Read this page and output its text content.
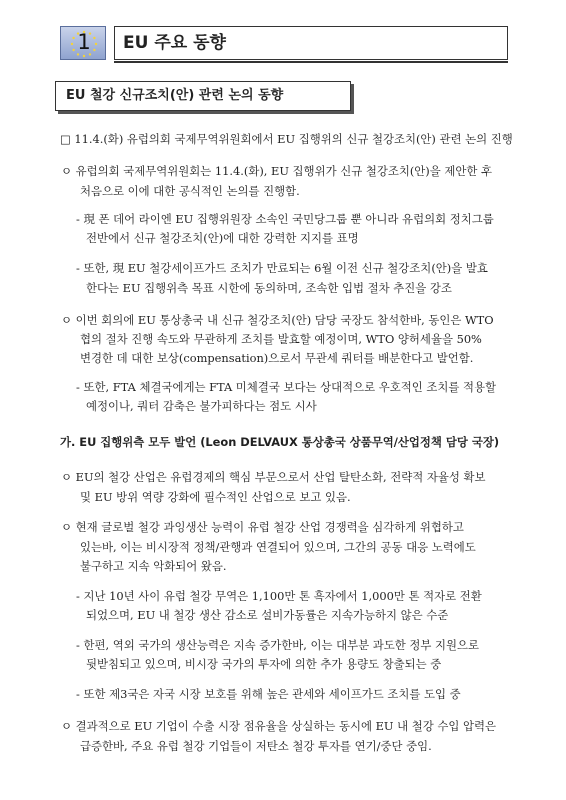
1	EU 주요 동향
EU 철강 신규조치(안) 관련 논의 동향
□ 11.4.(화) 유럽의회 국제무역위원회에서 EU 집행위의 신규 철강조치(안) 관련 논의 진행
ㅇ 유럽의회 국제무역위원회는 11.4.(화), EU 집행위가 신규 철강조치(안)을 제안한 후
처음으로 이에 대한 공식적인 논의를 진행함.
- 現 폰 데어 라이엔 EU 집행위원장 소속인 국민당그룹 뿐 아니라 유럽의회 정치그룹
전반에서 신규 철강조치(안)에 대한 강력한 지지를 표명
- 또한, 現 EU 철강세이프가드 조치가 만료되는 6월 이전 신규 철강조치(안)을 발효
한다는 EU 집행위측 목표 시한에 동의하며, 조속한 입법 절차 추진을 강조
ㅇ 이번 회의에 EU 통상총국 내 신규 철강조치(안) 담당 국장도 참석한바, 동인은 WTO
협의 절차 진행 속도와 무관하게 조치를 발효할 예정이며, WTO 양허세율을 50%
변경한 데 대한 보상(compensation)으로서 무관세 쿼터를 배분한다고 발언함.
- 또한, FTA 체결국에게는 FTA 미체결국 보다는 상대적으로 우호적인 조치를 적용할
예정이나, 쿼터 감축은 불가피하다는 점도 시사
가. EU 집행위측 모두 발언 (Leon DELVAUX 통상총국 상품무역/산업정책 담당 국장)
ㅇ EU의 철강 산업은 유럽경제의 핵심 부문으로서 산업 탈탄소화, 전략적 자율성 확보
및 EU 방위 역량 강화에 필수적인 산업으로 보고 있음.
ㅇ 현재 글로벌 철강 과잉생산 능력이 유럽 철강 산업 경쟁력을 심각하게 위협하고
있는바, 이는 비시장적 정책/관행과 연결되어 있으며, 그간의 공동 대응 노력에도
불구하고 지속 악화되어 왔음.
- 지난 10년 사이 유럽 철강 무역은 1,100만 톤 흑자에서 1,000만 톤 적자로 전환
되었으며, EU 내 철강 생산 감소로 설비가동률은 지속가능하지 않은 수준
- 한편, 역외 국가의 생산능력은 지속 증가한바, 이는 대부분 과도한 정부 지원으로
뒷받침되고 있으며, 비시장 국가의 투자에 의한 추가 용량도 창출되는 중
- 또한 제3국은 자국 시장 보호를 위해 높은 관세와 세이프가드 조치를 도입 중
ㅇ 결과적으로 EU 기업이 수출 시장 점유율을 상실하는 동시에 EU 내 철강 수입 압력은
급증한바, 주요 유럽 철강 기업들이 저탄소 철강 투자를 연기/중단 중임.
